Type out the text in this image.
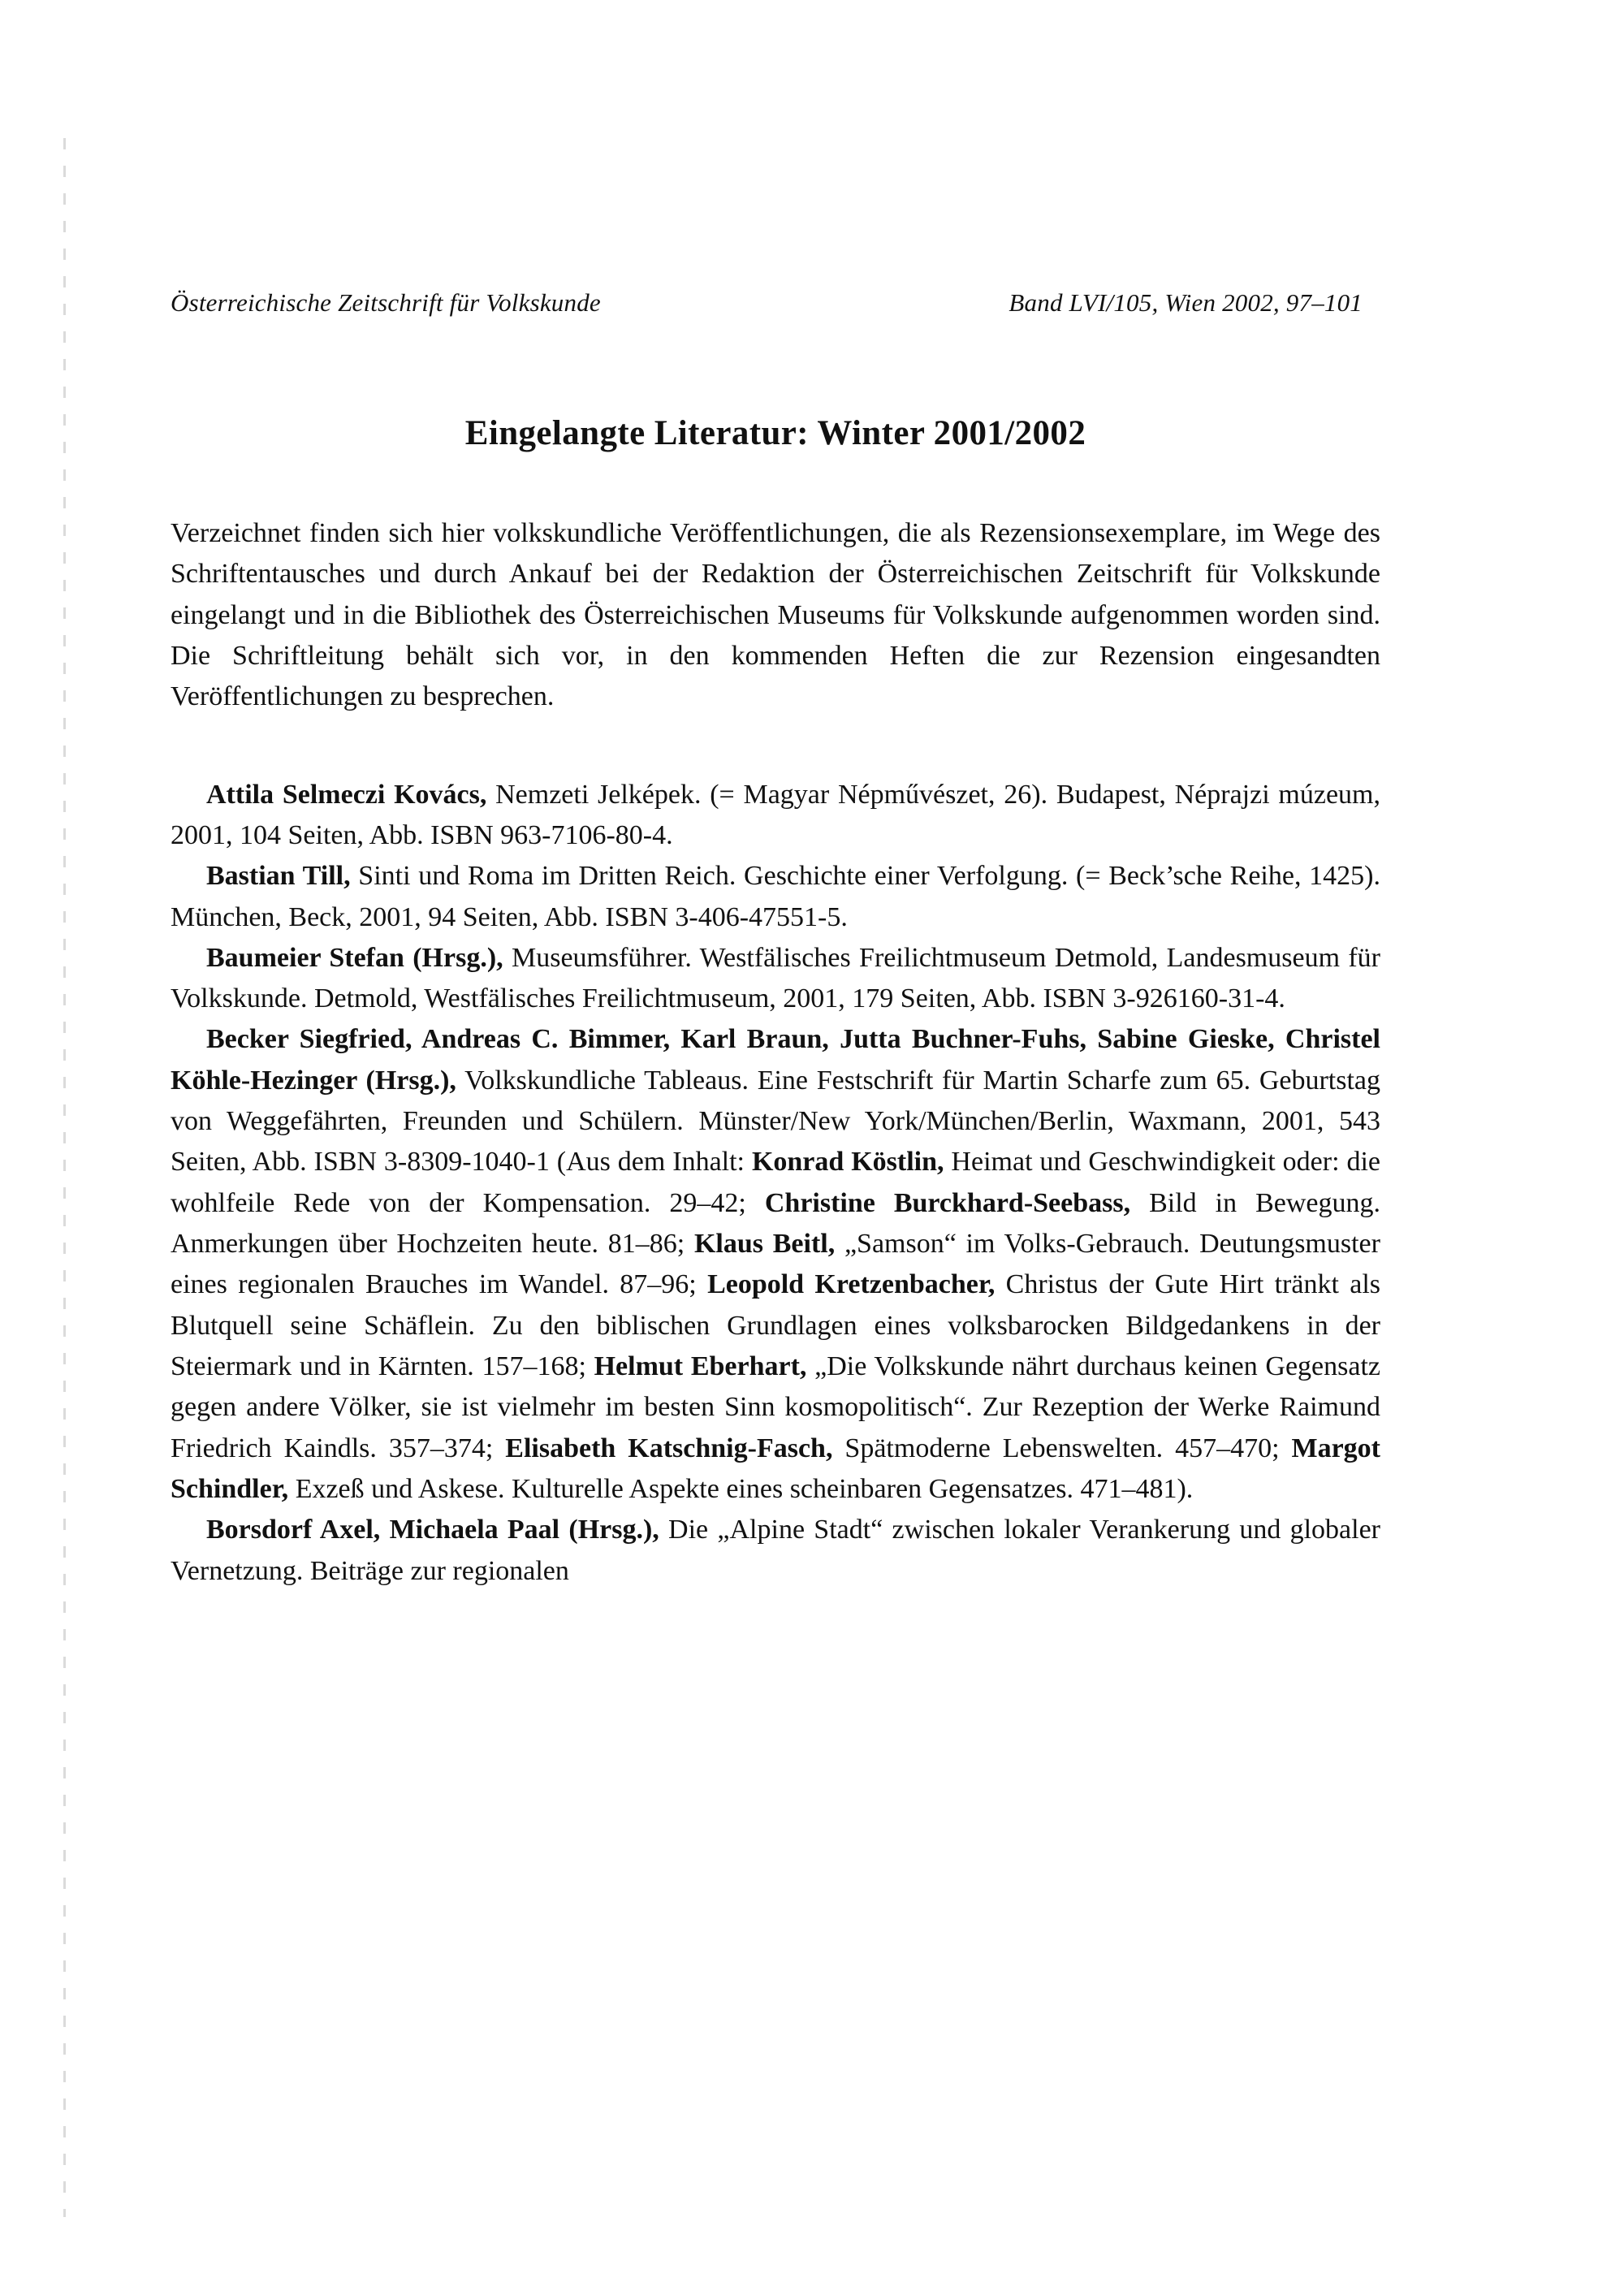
Österreichische Zeitschrift für Volkskunde	Band LVI/105, Wien 2002, 97–101
Eingelangte Literatur: Winter 2001/2002

Verzeichnet finden sich hier volkskundliche Veröffentlichungen, die als Rezensionsexemplare, im Wege des Schriftentausches und durch Ankauf bei der Redaktion der Österreichischen Zeitschrift für Volkskunde eingelangt und in die Bibliothek des Österreichischen Museums für Volkskunde aufgenommen worden sind. Die Schriftleitung behält sich vor, in den kommenden Heften die zur Rezension eingesandten Veröffentlichungen zu besprechen.

Attila Selmeczi Kovács, Nemzeti Jelképek. (= Magyar Népművészet, 26). Budapest, Néprajzi múzeum, 2001, 104 Seiten, Abb. ISBN 963-7106-80-4.

Bastian Till, Sinti und Roma im Dritten Reich. Geschichte einer Verfolgung. (= Beck’sche Reihe, 1425). München, Beck, 2001, 94 Seiten, Abb. ISBN 3-406-47551-5.

Baumeier Stefan (Hrsg.), Museumsführer. Westfälisches Freilichtmuseum Detmold, Landesmuseum für Volkskunde. Detmold, Westfälisches Freilichtmuseum, 2001, 179 Seiten, Abb. ISBN 3-926160-31-4.

Becker Siegfried, Andreas C. Bimmer, Karl Braun, Jutta Buchner-Fuhs, Sabine Gieske, Christel Köhle-Hezinger (Hrsg.), Volkskundliche Tableaus. Eine Festschrift für Martin Scharfe zum 65. Geburtstag von Weggefährten, Freunden und Schülern. Münster/New York/München/Berlin, Waxmann, 2001, 543 Seiten, Abb. ISBN 3-8309-1040-1 (Aus dem Inhalt: Konrad Köstlin, Heimat und Geschwindigkeit oder: die wohlfeile Rede von der Kompensation. 29–42; Christine Burckhard-Seebass, Bild in Bewegung. Anmerkungen über Hochzeiten heute. 81–86; Klaus Beitl, „Samson“ im Volks-Gebrauch. Deutungsmuster eines regionalen Brauches im Wandel. 87–96; Leopold Kretzenbacher, Christus der Gute Hirt tränkt als Blutquell seine Schäflein. Zu den biblischen Grundlagen eines volksbarocken Bildgedankens in der Steiermark und in Kärnten. 157–168; Helmut Eberhart, „Die Volkskunde nährt durchaus keinen Gegensatz gegen andere Völker, sie ist vielmehr im besten Sinn kosmopolitisch“. Zur Rezeption der Werke Raimund Friedrich Kaindls. 357–374; Elisabeth Katschnig-Fasch, Spätmoderne Lebenswelten. 457–470; Margot Schindler, Exzeß und Askese. Kulturelle Aspekte eines scheinbaren Gegensatzes. 471–481).

Borsdorf Axel, Michaela Paal (Hrsg.), Die „Alpine Stadt“ zwischen lokaler Verankerung und globaler Vernetzung. Beiträge zur regionalen
